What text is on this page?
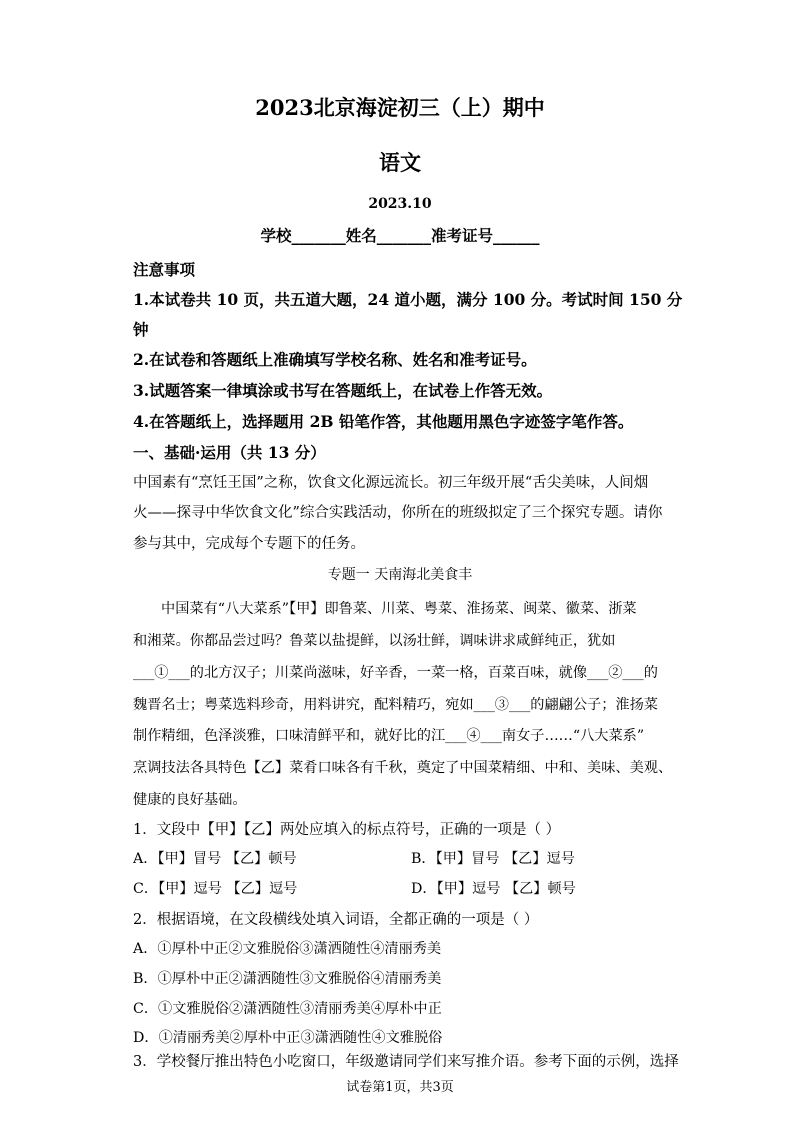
2023北京海淀初三（上）期中
语文
2023.10
学校_______姓名_______准考证号______
注意事项
1.本试卷共 10 页，共五道大题，24 道小题，满分 100 分。考试时间 150 分
钟
2.在试卷和答题纸上准确填写学校名称、姓名和准考证号。
3.试题答案一律填涂或书写在答题纸上，在试卷上作答无效。
4.在答题纸上，选择题用 2B 铅笔作答，其他题用黑色字迹签字笔作答。
一、基础·运用（共 13 分）
中国素有“烹饪王国”之称，饮食文化源远流长。初三年级开展“舌尖美味，人间烟
火——探寻中华饮食文化”综合实践活动，你所在的班级拟定了三个探究专题。请你
参与其中，完成每个专题下的任务。
专题一 天南海北美食丰
中国菜有“八大菜系”【甲】即鲁菜、川菜、粤菜、淮扬菜、闽菜、徽菜、浙菜
和湘菜。你都品尝过吗？鲁菜以盐提鲜，以汤壮鲜，调味讲求咸鲜纯正，犹如
___①___的北方汉子；川菜尚滋味，好辛香，一菜一格，百菜百味，就像___②___的
魏晋名士；粤菜选料珍奇，用料讲究，配料精巧，宛如___③___的翩翩公子；淮扬菜
制作精细，色泽淡雅，口味清鲜平和，就好比的江___④___南女子……“八大菜系”
烹调技法各具特色【乙】菜肴口味各有千秋，奠定了中国菜精细、中和、美味、美观、
健康的良好基础。
1．文段中【甲】【乙】两处应填入的标点符号，正确的一项是（ ）
A．【甲】冒号 【乙】顿号	B．【甲】冒号 【乙】逗号
C．【甲】逗号 【乙】逗号	D．【甲】逗号 【乙】顿号
2．根据语境，在文段横线处填入词语，全都正确的一项是（ ）
A．①厚朴中正②文雅脱俗③潇洒随性④清丽秀美
B．①厚朴中正②潇洒随性③文雅脱俗④清丽秀美
C．①文雅脱俗②潇洒随性③清丽秀美④厚朴中正
D．①清丽秀美②厚朴中正③潇洒随性④文雅脱俗
3．学校餐厅推出特色小吃窗口，年级邀请同学们来写推介语。参考下面的示例，选择
试卷第1页，共3页
